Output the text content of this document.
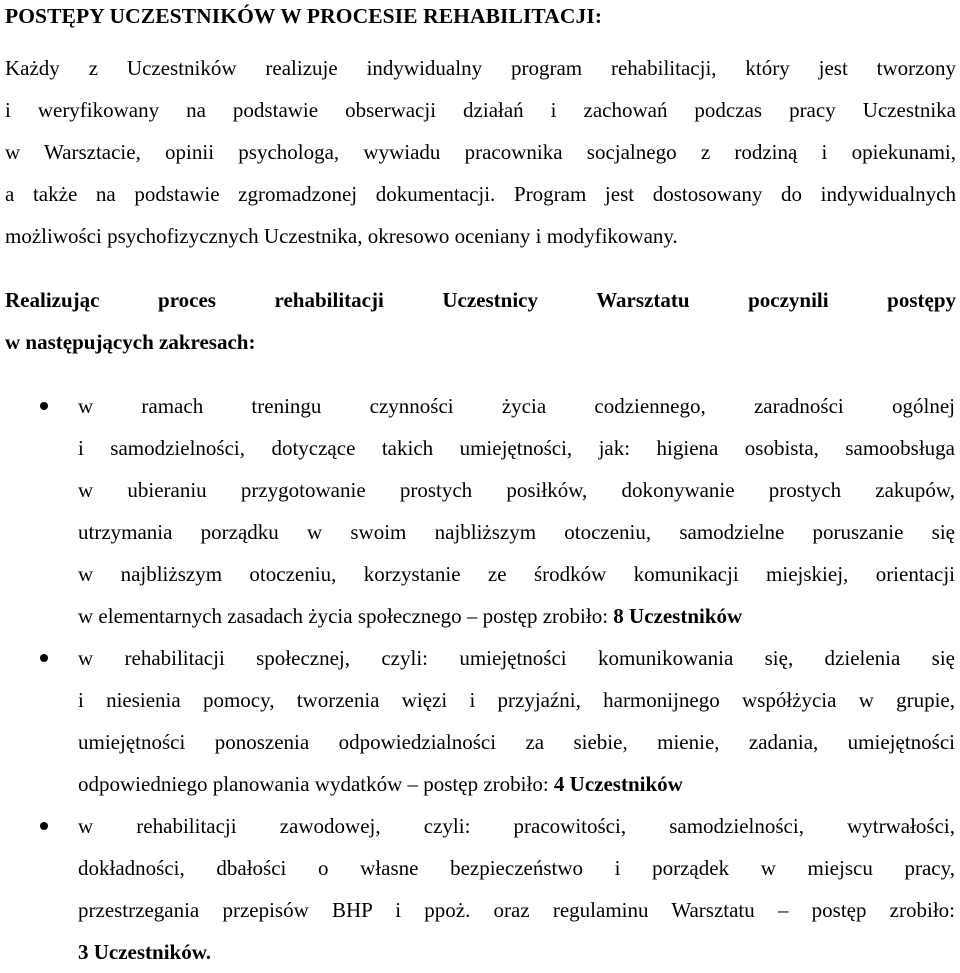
POSTĘPY UCZESTNIKÓW W PROCESIE REHABILITACJI:
Każdy z Uczestników realizuje indywidualny program rehabilitacji, który jest tworzony
i weryfikowany na podstawie obserwacji działań i zachowań podczas pracy Uczestnika
w Warsztacie, opinii psychologa, wywiadu pracownika socjalnego z rodziną i opiekunami,
a także na podstawie zgromadzonej dokumentacji. Program jest dostosowany do indywidualnych
możliwości psychofizycznych Uczestnika, okresowo oceniany i modyfikowany.
Realizując proces rehabilitacji Uczestnicy Warsztatu poczynili postępy
w następujących zakresach:
w ramach treningu czynności życia codziennego, zaradności ogólnej
i samodzielności, dotyczące takich umiejętności, jak: higiena osobista, samoobsługa
w ubieraniu przygotowanie prostych posiłków, dokonywanie prostych zakupów,
utrzymania porządku w swoim najbliższym otoczeniu, samodzielne poruszanie się
w najbliższym otoczeniu, korzystanie ze środków komunikacji miejskiej, orientacji
w elementarnych zasadach życia społecznego – postęp zrobiło: 8 Uczestników
w rehabilitacji społecznej, czyli: umiejętności komunikowania się, dzielenia się
i niesienia pomocy, tworzenia więzi i przyjaźni, harmonijnego współżycia w grupie,
umiejętności ponoszenia odpowiedzialności za siebie, mienie, zadania, umiejętności
odpowiedniego planowania wydatków – postęp zrobiło: 4 Uczestników
w rehabilitacji zawodowej, czyli: pracowitości, samodzielności, wytrwałości,
dokładności, dbałości o własne bezpieczeństwo i porządek w miejscu pracy,
przestrzegania przepisów BHP i ppoż. oraz regulaminu Warsztatu – postęp zrobiło:
3 Uczestników.
